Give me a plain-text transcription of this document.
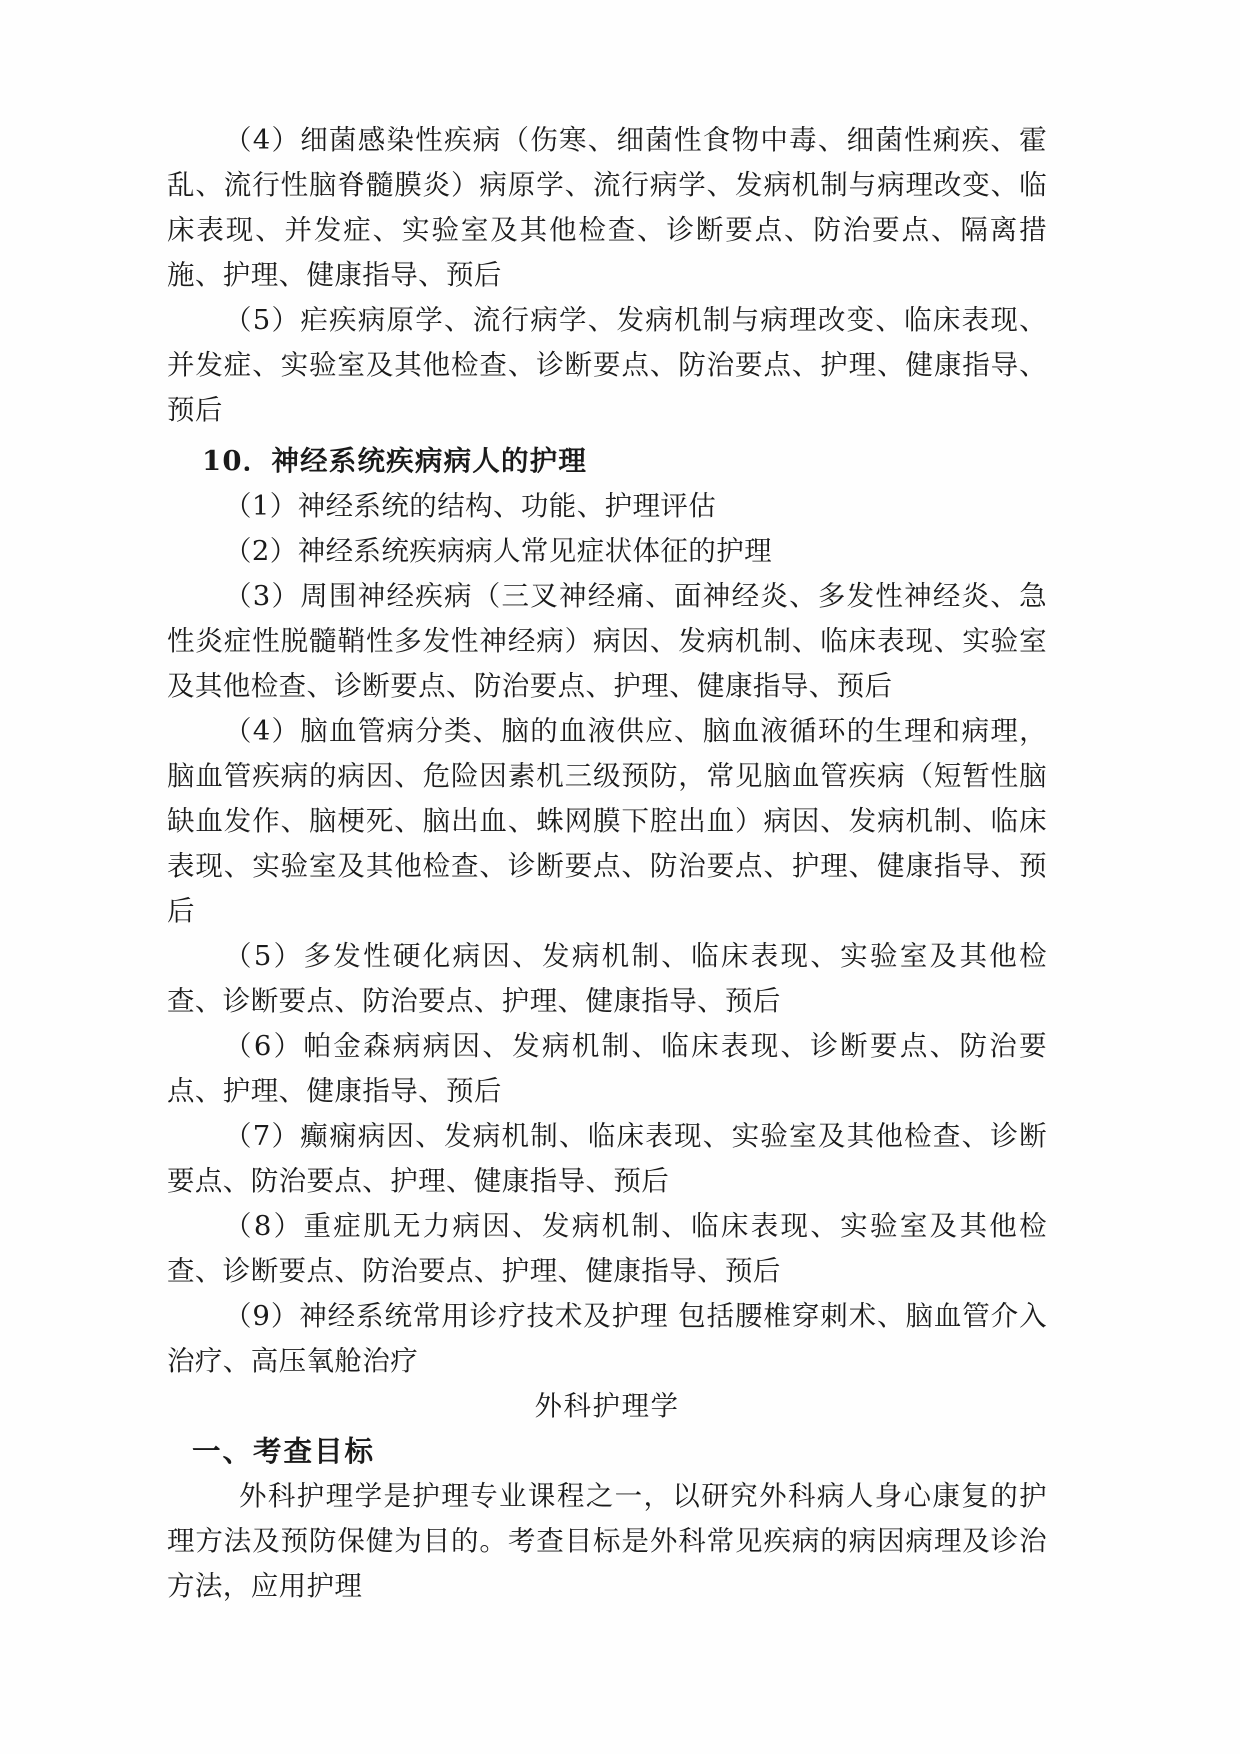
（4）细菌感染性疾病（伤寒、细菌性食物中毒、细菌性痢疾、霍乱、流行性脑脊髓膜炎）病原学、流行病学、发病机制与病理改变、临床表现、并发症、实验室及其他检查、诊断要点、防治要点、隔离措施、护理、健康指导、预后

（5）疟疾病原学、流行病学、发病机制与病理改变、临床表现、并发症、实验室及其他检查、诊断要点、防治要点、护理、健康指导、预后

10．神经系统疾病病人的护理

（1）神经系统的结构、功能、护理评估

（2）神经系统疾病病人常见症状体征的护理

（3）周围神经疾病（三叉神经痛、面神经炎、多发性神经炎、急性炎症性脱髓鞘性多发性神经病）病因、发病机制、临床表现、实验室及其他检查、诊断要点、防治要点、护理、健康指导、预后

（4）脑血管病分类、脑的血液供应、脑血液循环的生理和病理，脑血管疾病的病因、危险因素机三级预防，常见脑血管疾病（短暂性脑缺血发作、脑梗死、脑出血、蛛网膜下腔出血）病因、发病机制、临床表现、实验室及其他检查、诊断要点、防治要点、护理、健康指导、预后

（5）多发性硬化病因、发病机制、临床表现、实验室及其他检查、诊断要点、防治要点、护理、健康指导、预后

（6）帕金森病病因、发病机制、临床表现、诊断要点、防治要点、护理、健康指导、预后

（7）癫痫病因、发病机制、临床表现、实验室及其他检查、诊断要点、防治要点、护理、健康指导、预后

（8）重症肌无力病因、发病机制、临床表现、实验室及其他检查、诊断要点、防治要点、护理、健康指导、预后

（9）神经系统常用诊疗技术及护理 包括腰椎穿刺术、脑血管介入治疗、高压氧舱治疗

外科护理学

一、考查目标

外科护理学是护理专业课程之一，以研究外科病人身心康复的护理方法及预防保健为目的。考查目标是外科常见疾病的病因病理及诊治方法，应用护理
